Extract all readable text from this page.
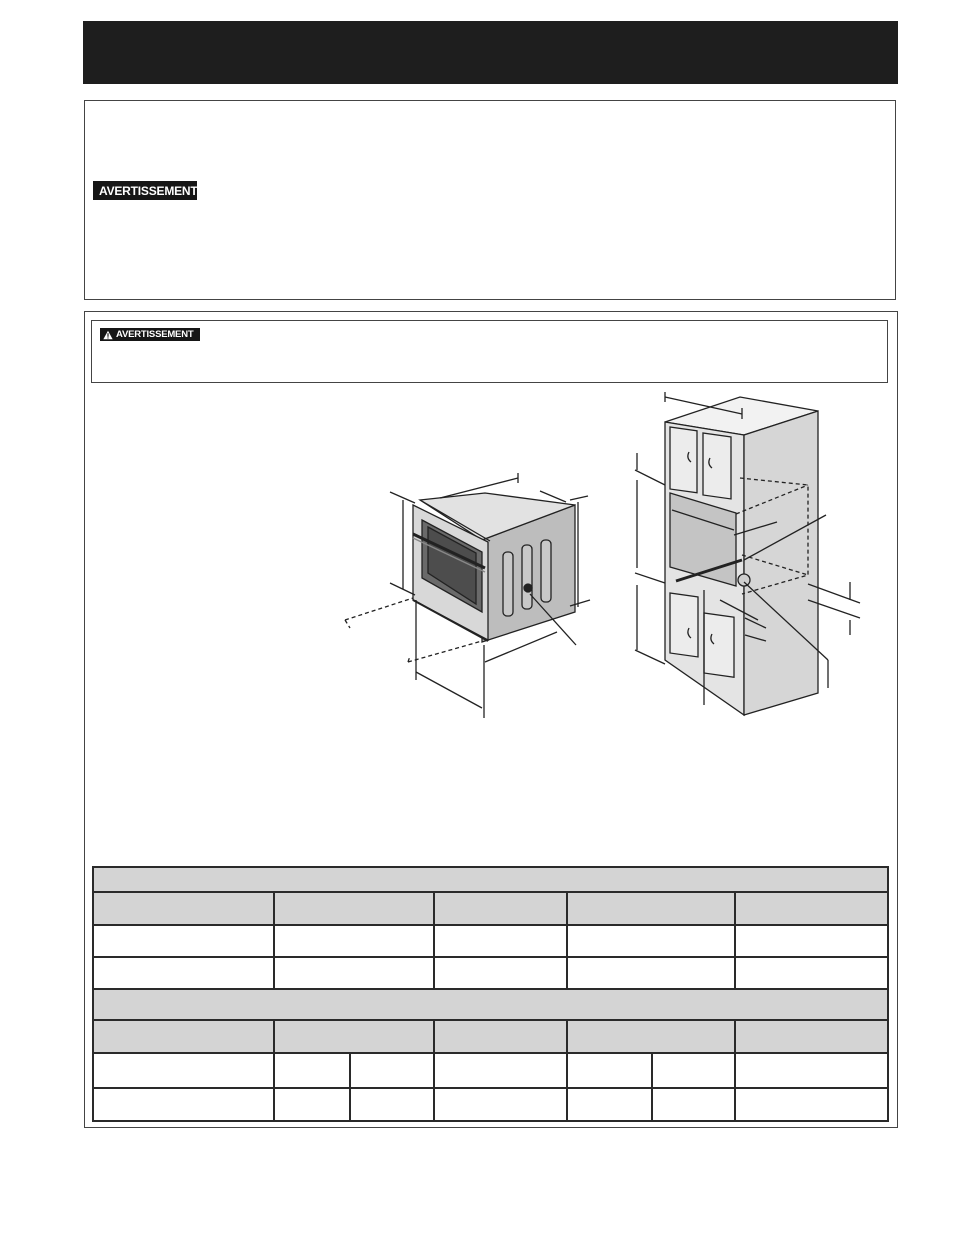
AVERTISSEMENT
AVERTISSEMENT
